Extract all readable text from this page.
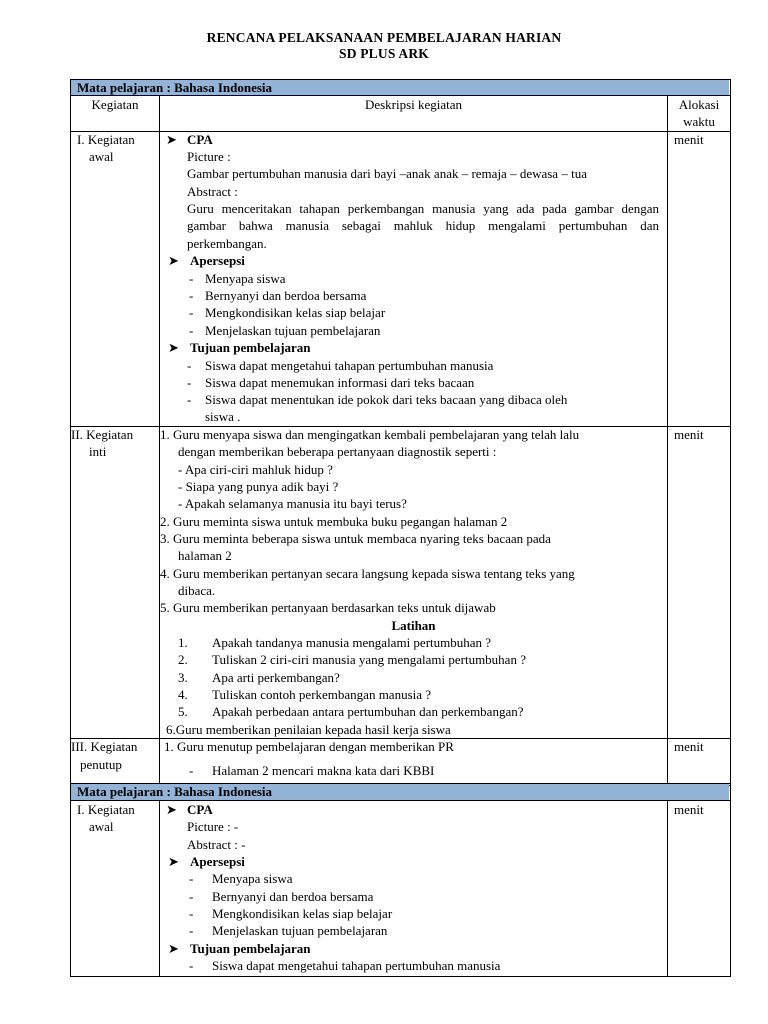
RENCANA PELAKSANAAN PEMBELAJARAN HARIAN
SD PLUS ARK
Mata pelajaran : Bahasa Indonesia
Kegiatan	Deskripsi kegiatan	Alokasi
waktu
I. Kegiatan
awal
menit
➤ CPA
Picture :
Gambar pertumbuhan manusia dari bayi –anak anak – remaja – dewasa – tua
Abstract :
Guru menceritakan tahapan perkembangan manusia yang ada pada gambar dengan gambar bahwa manusia sebagai mahluk hidup mengalami pertumbuhan dan perkembangan.
➤ Apersepsi
- Menyapa siswa
- Bernyanyi dan berdoa bersama
- Mengkondisikan kelas siap belajar
- Menjelaskan tujuan pembelajaran
➤ Tujuan pembelajaran
- Siswa dapat mengetahui tahapan pertumbuhan manusia
- Siswa dapat menemukan informasi dari teks bacaan
- Siswa dapat menentukan ide pokok dari teks bacaan yang dibaca oleh
siswa .
II. Kegiatan
inti
menit
1. Guru menyapa siswa dan mengingatkan kembali pembelajaran yang telah lalu
dengan memberikan beberapa pertanyaan diagnostik seperti :
- Apa ciri-ciri mahluk hidup ?
- Siapa yang punya adik bayi ?
- Apakah selamanya manusia itu bayi terus?
2. Guru meminta siswa untuk membuka buku pegangan halaman 2
3. Guru meminta beberapa siswa untuk membaca nyaring teks bacaan pada
halaman 2
4. Guru memberikan pertanyan secara langsung kepada siswa tentang teks yang
dibaca.
5. Guru memberikan pertanyaan berdasarkan teks untuk dijawab
Latihan
1. Apakah tandanya manusia mengalami pertumbuhan ?
2. Tuliskan 2 ciri-ciri manusia yang mengalami pertumbuhan ?
3. Apa arti perkembangan?
4. Tuliskan contoh perkembangan manusia ?
5. Apakah perbedaan antara pertumbuhan dan perkembangan?
6.Guru memberikan penilaian kepada hasil kerja siswa
III. Kegiatan
penutup
menit
1. Guru menutup pembelajaran dengan memberikan PR
- Halaman 2 mencari makna kata dari KBBI
Mata pelajaran : Bahasa Indonesia
I. Kegiatan
awal
menit
➤ CPA
Picture : -
Abstract : -
➤ Apersepsi
- Menyapa siswa
- Bernyanyi dan berdoa bersama
- Mengkondisikan kelas siap belajar
- Menjelaskan tujuan pembelajaran
➤ Tujuan pembelajaran
- Siswa dapat mengetahui tahapan pertumbuhan manusia
